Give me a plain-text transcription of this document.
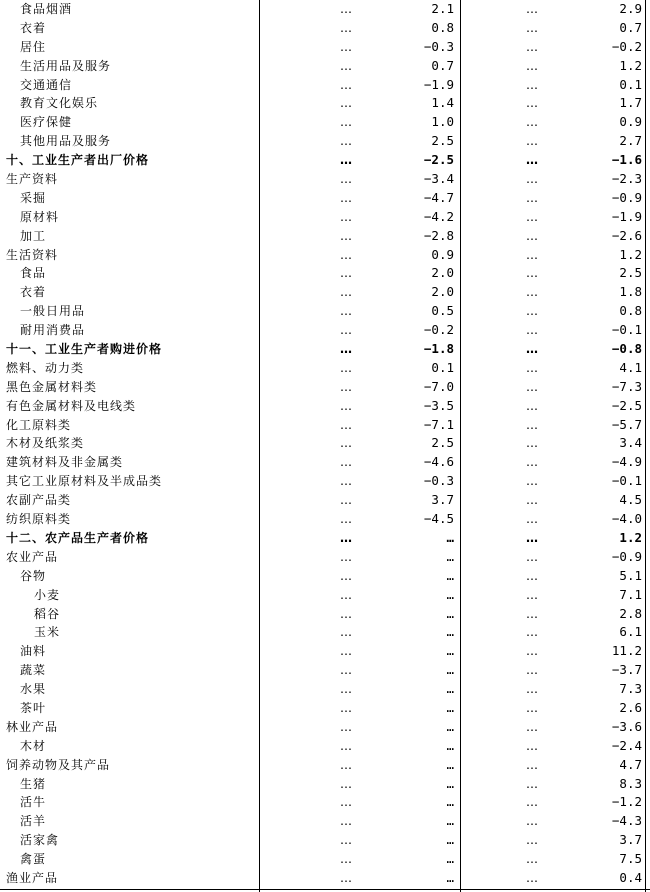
食品烟酒	…	2.1	…	2.9
衣着	…	0.8	…	0.7
居住	…	−0.3	…	−0.2
生活用品及服务	…	0.7	…	1.2
交通通信	…	−1.9	…	0.1
教育文化娱乐	…	1.4	…	1.7
医疗保健	…	1.0	…	0.9
其他用品及服务	…	2.5	…	2.7
十、工业生产者出厂价格	…	−2.5	…	−1.6
生产资料	…	−3.4	…	−2.3
采掘	…	−4.7	…	−0.9
原材料	…	−4.2	…	−1.9
加工	…	−2.8	…	−2.6
生活资料	…	0.9	…	1.2
食品	…	2.0	…	2.5
衣着	…	2.0	…	1.8
一般日用品	…	0.5	…	0.8
耐用消费品	…	−0.2	…	−0.1
十一、工业生产者购进价格	…	−1.8	…	−0.8
燃料、动力类	…	0.1	…	4.1
黑色金属材料类	…	−7.0	…	−7.3
有色金属材料及电线类	…	−3.5	…	−2.5
化工原料类	…	−7.1	…	−5.7
木材及纸浆类	…	2.5	…	3.4
建筑材料及非金属类	…	−4.6	…	−4.9
其它工业原材料及半成品类	…	−0.3	…	−0.1
农副产品类	…	3.7	…	4.5
纺织原料类	…	−4.5	…	−4.0
十二、农产品生产者价格	…	…	…	1.2
农业产品	…	…	…	−0.9
谷物	…	…	…	5.1
小麦	…	…	…	7.1
稻谷	…	…	…	2.8
玉米	…	…	…	6.1
油料	…	…	…	11.2
蔬菜	…	…	…	−3.7
水果	…	…	…	7.3
茶叶	…	…	…	2.6
林业产品	…	…	…	−3.6
木材	…	…	…	−2.4
饲养动物及其产品	…	…	…	4.7
生猪	…	…	…	8.3
活牛	…	…	…	−1.2
活羊	…	…	…	−4.3
活家禽	…	…	…	3.7
禽蛋	…	…	…	7.5
渔业产品	…	…	…	0.4
